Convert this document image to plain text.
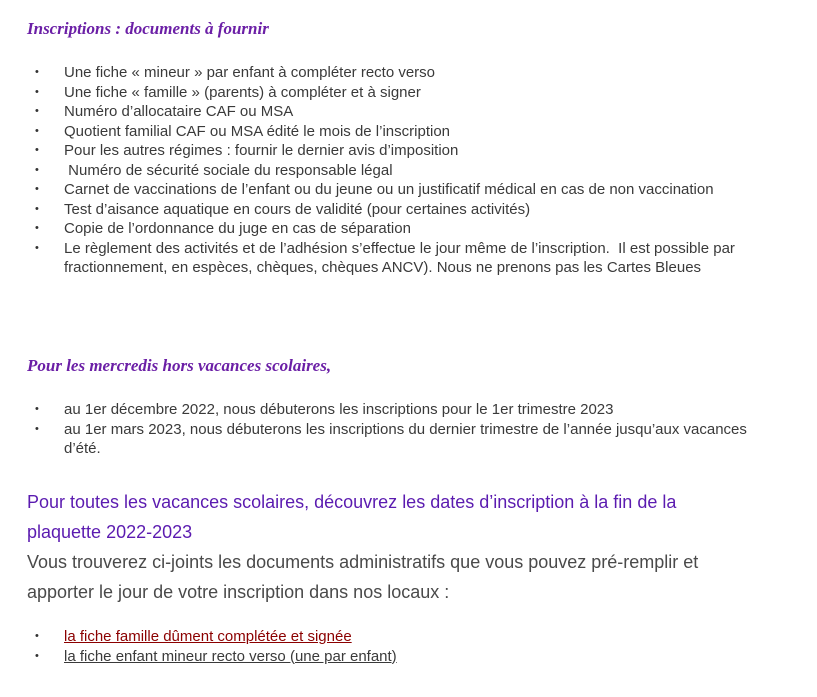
Inscriptions : documents à fournir
• Une fiche « mineur » par enfant à compléter recto verso
• Une fiche « famille » (parents) à compléter et à signer
• Numéro d’allocataire CAF ou MSA
• Quotient familial CAF ou MSA édité le mois de l’inscription
• Pour les autres régimes : fournir le dernier avis d’imposition
• Numéro de sécurité sociale du responsable légal
• Carnet de vaccinations de l’enfant ou du jeune ou un justificatif médical en cas de non vaccination
• Test d’aisance aquatique en cours de validité (pour certaines activités)
• Copie de l’ordonnance du juge en cas de séparation
• Le règlement des activités et de l’adhésion s’effectue le jour même de l’inscription.  Il est possible par fractionnement, en espèces, chèques, chèques ANCV). Nous ne prenons pas les Cartes Bleues
Pour les mercredis hors vacances scolaires,
• au 1er décembre 2022, nous débuterons les inscriptions pour le 1er trimestre 2023
• au 1er mars 2023, nous débuterons les inscriptions du dernier trimestre de l’année jusqu’aux vacances d’été.

Pour toutes les vacances scolaires, découvrez les dates d’inscription à la fin de la plaquette 2022-2023

Vous trouverez ci-joints les documents administratifs que vous pouvez pré-remplir et apporter le jour de votre inscription dans nos locaux :

• la fiche famille dûment complétée et signée
• la fiche enfant mineur recto verso (une par enfant)
